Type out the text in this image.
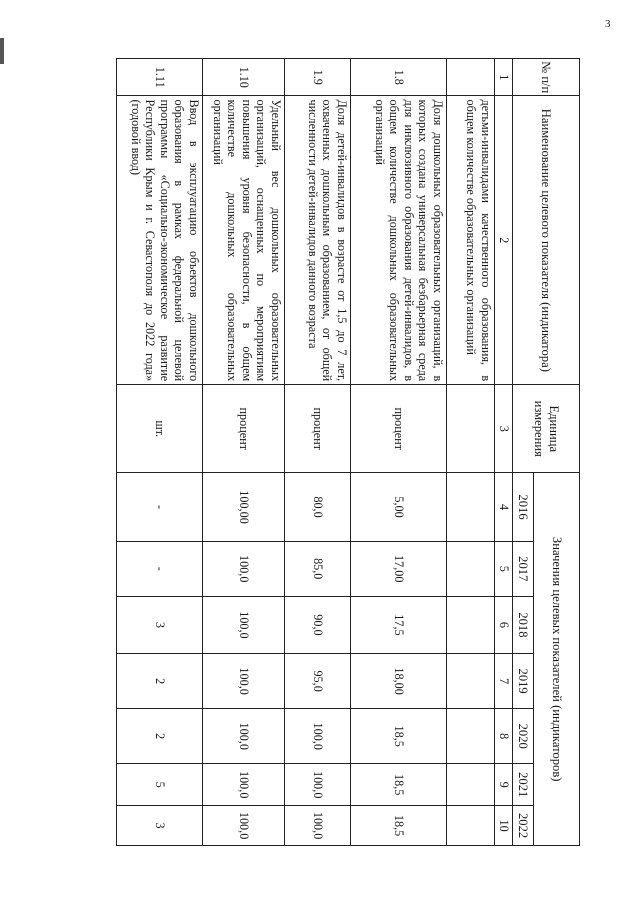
3
№ п/п	Наименование целевого показателя (индикатора)	Единица измерения	Значения целевых показателей (индикаторов)						
			2016	2017	2018	2019	2020	2021	2022
1	2	3	4	5	6	7	8	9	10
	детьми-инвалидами качественного образования, в общем количестве образовательных организаций								
1.8	Доля дошкольных образовательных организаций, в которых создана универсальная безбарьерная среда для инклюзивного образования детей-инвалидов, в общем количестве дошкольных образовательных организаций	процент	5,00	17,00	17,5	18,00	18,5	18,5	18,5
1.9	Доля детей-инвалидов в возрасте от 1,5 до 7 лет, охваченных дошкольным образованием, от общей численности детей-инвалидов данного возраста	процент	80,0	85,0	90,0	95,0	100,0	100,0	100,0
1.10	Удельный вес дошкольных образовательных организаций, оснащенных по мероприятиям повышения уровня безопасности, в общем количестве дошкольных образовательных организаций	процент	100,00	100,0	100,0	100,0	100,0	100,0	100,0
1.11	Ввод в эксплуатацию объектов дошкольного образования в рамках федеральной целевой программы «Социально-экономическое развитие Республики Крым и г. Севастополя до 2022 года» (годовой ввод)	шт.	-	-	3	2	2	5	3
